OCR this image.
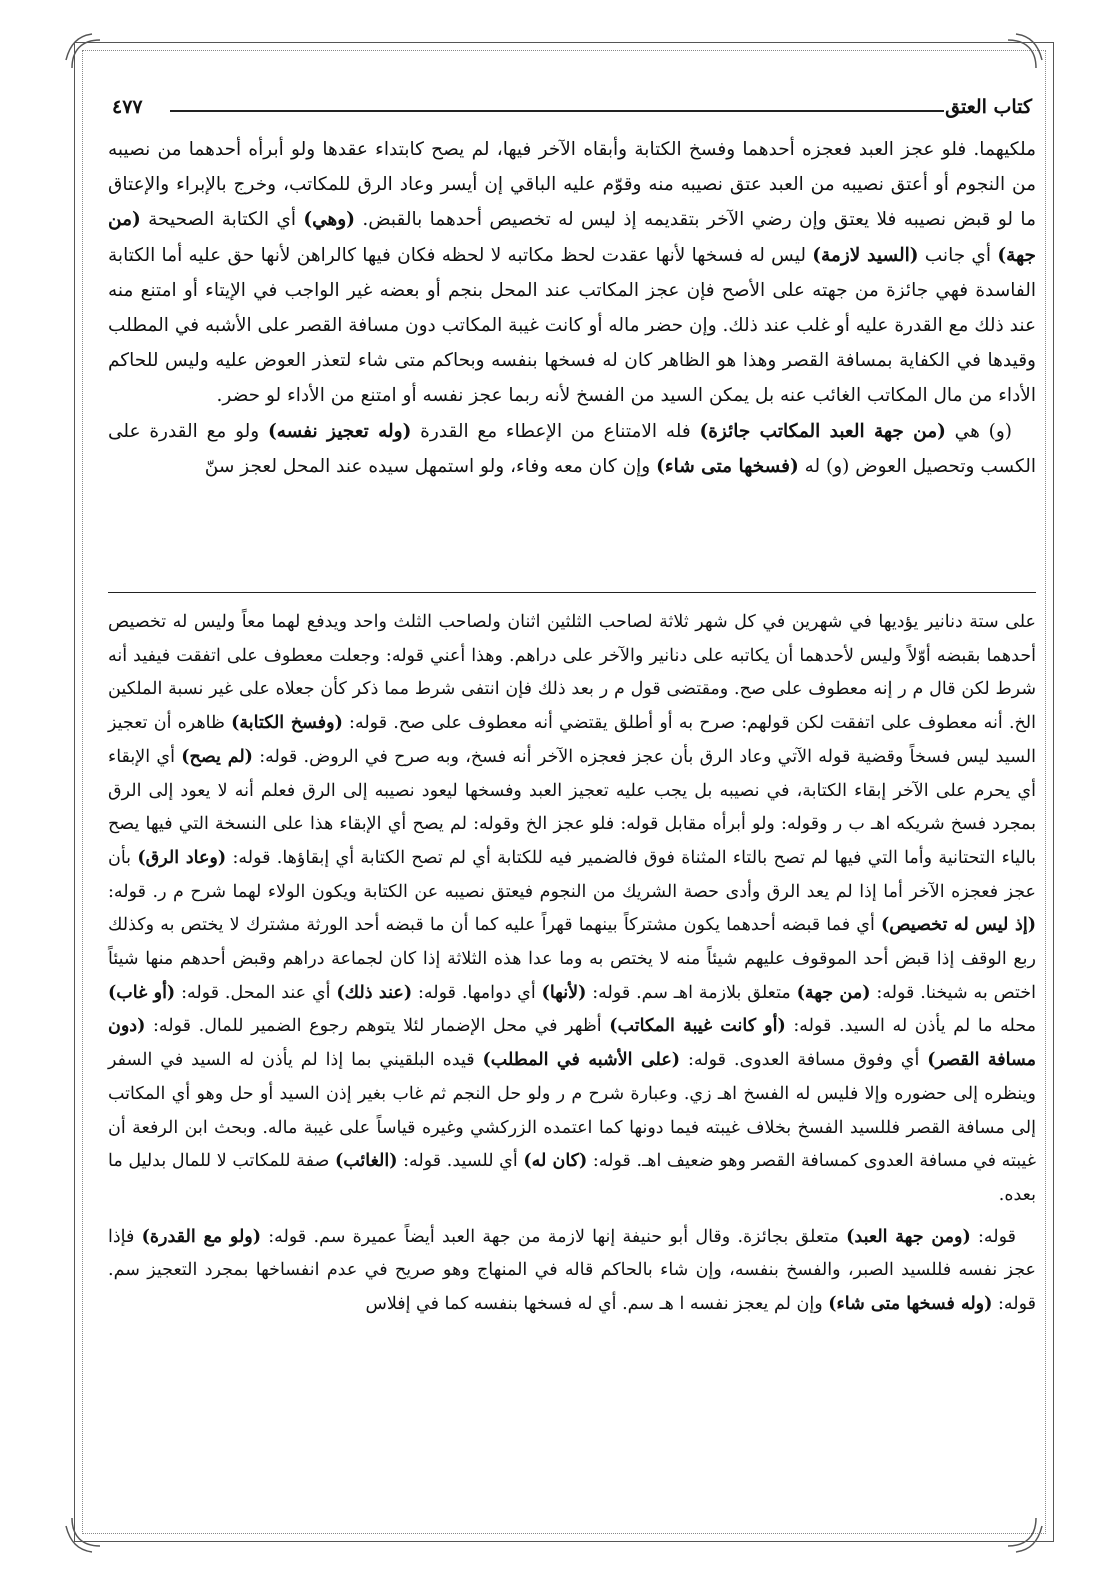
كتاب العتق
٤٧٧

ملكيهما. فلو عجز العبد فعجزه أحدهما وفسخ الكتابة وأبقاه الآخر فيها، لم يصح كابتداء عقدها ولو أبرأه أحدهما من نصيبه من النجوم أو أعتق نصيبه من العبد عتق نصيبه منه وقوّم عليه الباقي إن أيسر وعاد الرق للمكاتب، وخرج بالإبراء والإعتاق ما لو قبض نصيبه فلا يعتق وإن رضي الآخر بتقديمه إذ ليس له تخصيص أحدهما بالقبض. (وهي) أي الكتابة الصحيحة (من جهة) أي جانب (السيد لازمة) ليس له فسخها لأنها عقدت لحظ مكاتبه لا لحظه فكان فيها كالراهن لأنها حق عليه أما الكتابة الفاسدة فهي جائزة من جهته على الأصح فإن عجز المكاتب عند المحل بنجم أو بعضه غير الواجب في الإيتاء أو امتنع منه عند ذلك مع القدرة عليه أو غلب عند ذلك. وإن حضر ماله أو كانت غيبة المكاتب دون مسافة القصر على الأشبه في المطلب وقيدها في الكفاية بمسافة القصر وهذا هو الظاهر كان له فسخها بنفسه وبحاكم متى شاء لتعذر العوض عليه وليس للحاكم الأداء من مال المكاتب الغائب عنه بل يمكن السيد من الفسخ لأنه ربما عجز نفسه أو امتنع من الأداء لو حضر.

(و) هي (من جهة العبد المكاتب جائزة) فله الامتناع من الإعطاء مع القدرة (وله تعجيز نفسه) ولو مع القدرة على الكسب وتحصيل العوض (و) له (فسخها متى شاء) وإن كان معه وفاء، ولو استمهل سيده عند المحل لعجز سنّ

على ستة دنانير يؤديها في شهرين في كل شهر ثلاثة لصاحب الثلثين اثنان ولصاحب الثلث واحد ويدفع لهما معاً وليس له تخصيص أحدهما بقبضه أوّلاً وليس لأحدهما أن يكاتبه على دنانير والآخر على دراهم. وهذا أعني قوله: وجعلت معطوف على اتفقت فيفيد أنه شرط لكن قال م ر إنه معطوف على صح. ومقتضى قول م ر بعد ذلك فإن انتفى شرط مما ذكر كأن جعلاه على غير نسبة الملكين الخ. أنه معطوف على اتفقت لكن قولهم: صرح به أو أطلق يقتضي أنه معطوف على صح. قوله: (وفسخ الكتابة) ظاهره أن تعجيز السيد ليس فسخاً وقضية قوله الآتي وعاد الرق بأن عجز فعجزه الآخر أنه فسخ، وبه صرح في الروض. قوله: (لم يصح) أي الإبقاء أي يحرم على الآخر إبقاء الكتابة، في نصيبه بل يجب عليه تعجيز العبد وفسخها ليعود نصيبه إلى الرق فعلم أنه لا يعود إلى الرق بمجرد فسخ شريكه اهـ ب ر وقوله: ولو أبرأه مقابل قوله: فلو عجز الخ وقوله: لم يصح أي الإبقاء هذا على النسخة التي فيها يصح بالياء التحتانية وأما التي فيها لم تصح بالتاء المثناة فوق فالضمير فيه للكتابة أي لم تصح الكتابة أي إبقاؤها. قوله: (وعاد الرق) بأن عجز فعجزه الآخر أما إذا لم يعد الرق وأدى حصة الشريك من النجوم فيعتق نصيبه عن الكتابة ويكون الولاء لهما شرح م ر. قوله: (إذ ليس له تخصيص) أي فما قبضه أحدهما يكون مشتركاً بينهما قهراً عليه كما أن ما قبضه أحد الورثة مشترك لا يختص به وكذلك ربع الوقف إذا قبض أحد الموقوف عليهم شيئاً منه لا يختص به وما عدا هذه الثلاثة إذا كان لجماعة دراهم وقبض أحدهم منها شيئاً اختص به شيخنا. قوله: (من جهة) متعلق بلازمة اهـ سم. قوله: (لأنها) أي دوامها. قوله: (عند ذلك) أي عند المحل. قوله: (أو غاب) محله ما لم يأذن له السيد. قوله: (أو كانت غيبة المكاتب) أظهر في محل الإضمار لئلا يتوهم رجوع الضمير للمال. قوله: (دون مسافة القصر) أي وفوق مسافة العدوى. قوله: (على الأشبه في المطلب) قيده البلقيني بما إذا لم يأذن له السيد في السفر وينظره إلى حضوره وإلا فليس له الفسخ اهـ زي. وعبارة شرح م ر ولو حل النجم ثم غاب بغير إذن السيد أو حل وهو أي المكاتب إلى مسافة القصر فللسيد الفسخ بخلاف غيبته فيما دونها كما اعتمده الزركشي وغيره قياساً على غيبة ماله. وبحث ابن الرفعة أن غيبته في مسافة العدوى كمسافة القصر وهو ضعيف اهـ. قوله: (كان له) أي للسيد. قوله: (الغائب) صفة للمكاتب لا للمال بدليل ما بعده.

قوله: (ومن جهة العبد) متعلق بجائزة. وقال أبو حنيفة إنها لازمة من جهة العبد أيضاً عميرة سم. قوله: (ولو مع القدرة) فإذا عجز نفسه فللسيد الصبر، والفسخ بنفسه، وإن شاء بالحاكم قاله في المنهاج وهو صريح في عدم انفساخها بمجرد التعجيز سم. قوله: (وله فسخها متى شاء) وإن لم يعجز نفسه ا هـ سم. أي له فسخها بنفسه كما في إفلاس
